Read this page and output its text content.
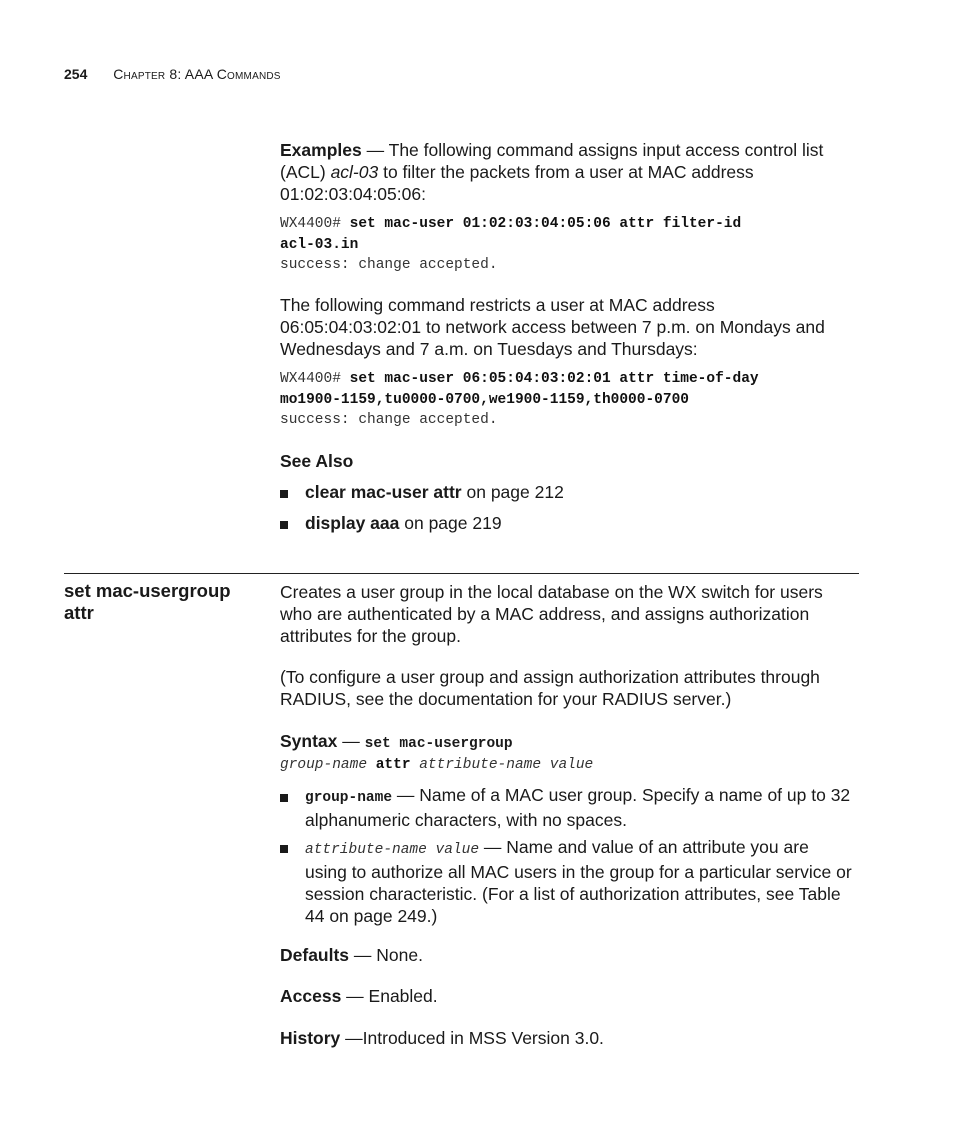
254 Chapter 8: AAA Commands
Examples — The following command assigns input access control list (ACL) acl-03 to filter the packets from a user at MAC address 01:02:03:04:05:06:
WX4400# set mac-user 01:02:03:04:05:06 attr filter-id
acl-03.in
success: change accepted.
The following command restricts a user at MAC address 06:05:04:03:02:01 to network access between 7 p.m. on Mondays and Wednesdays and 7 a.m. on Tuesdays and Thursdays:
WX4400# set mac-user 06:05:04:03:02:01 attr time-of-day
mo1900-1159,tu0000-0700,we1900-1159,th0000-0700
success: change accepted.
See Also
clear mac-user attr on page 212
display aaa on page 219
set mac-usergroup attr
Creates a user group in the local database on the WX switch for users who are authenticated by a MAC address, and assigns authorization attributes for the group.
(To configure a user group and assign authorization attributes through RADIUS, see the documentation for your RADIUS server.)
Syntax — set mac-usergroup
group-name attr attribute-name value
group-name — Name of a MAC user group. Specify a name of up to 32 alphanumeric characters, with no spaces.
attribute-name value — Name and value of an attribute you are using to authorize all MAC users in the group for a particular service or session characteristic. (For a list of authorization attributes, see Table 44 on page 249.)
Defaults — None.
Access — Enabled.
History —Introduced in MSS Version 3.0.
